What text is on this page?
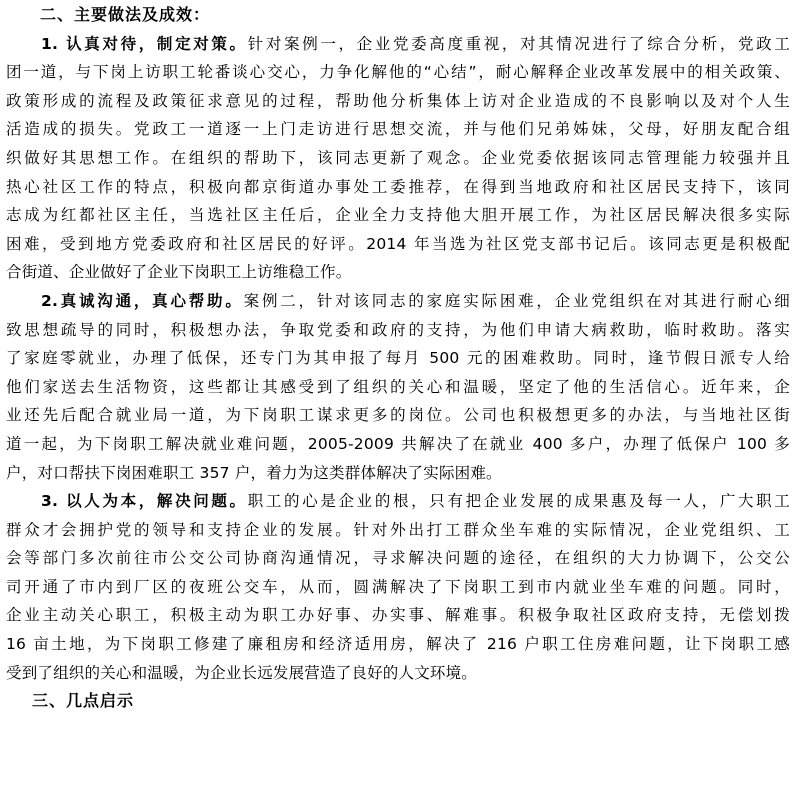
二、主要做法及成效：
1. 认真对待，制定对策。针对案例一，企业党委高度重视，对其情况进行了综合分析，党政工
团一道，与下岗上访职工轮番谈心交心，力争化解他的“心结”，耐心解释企业改革发展中的相关政策、
政策形成的流程及政策征求意见的过程，帮助他分析集体上访对企业造成的不良影响以及对个人生
活造成的损失。党政工一道逐一上门走访进行思想交流，并与他们兄弟姊妹，父母，好朋友配合组
织做好其思想工作。在组织的帮助下，该同志更新了观念。企业党委依据该同志管理能力较强并且
热心社区工作的特点，积极向都京街道办事处工委推荐，在得到当地政府和社区居民支持下，该同
志成为红都社区主任，当选社区主任后，企业全力支持他大胆开展工作，为社区居民解决很多实际
困难，受到地方党委政府和社区居民的好评。2014 年当选为社区党支部书记后。该同志更是积极配
合街道、企业做好了企业下岗职工上访维稳工作。
2.真诚沟通，真心帮助。案例二，针对该同志的家庭实际困难，企业党组织在对其进行耐心细
致思想疏导的同时，积极想办法，争取党委和政府的支持，为他们申请大病救助，临时救助。落实
了家庭零就业，办理了低保，还专门为其申报了每月 500 元的困难救助。同时，逢节假日派专人给
他们家送去生活物资，这些都让其感受到了组织的关心和温暖，坚定了他的生活信心。近年来，企
业还先后配合就业局一道，为下岗职工谋求更多的岗位。公司也积极想更多的办法，与当地社区街
道一起，为下岗职工解决就业难问题，2005-2009 共解决了在就业 400 多户，办理了低保户 100 多
户，对口帮扶下岗困难职工 357 户，着力为这类群体解决了实际困难。
3. 以人为本，解决问题。职工的心是企业的根，只有把企业发展的成果惠及每一人，广大职工
群众才会拥护党的领导和支持企业的发展。针对外出打工群众坐车难的实际情况，企业党组织、工
会等部门多次前往市公交公司协商沟通情况，寻求解决问题的途径，在组织的大力协调下，公交公
司开通了市内到厂区的夜班公交车，从而，圆满解决了下岗职工到市内就业坐车难的问题。同时，
企业主动关心职工，积极主动为职工办好事、办实事、解难事。积极争取社区政府支持，无偿划拨
16 亩土地，为下岗职工修建了廉租房和经济适用房，解决了 216 户职工住房难问题，让下岗职工感
受到了组织的关心和温暖，为企业长远发展营造了良好的人文环境。
三、几点启示
